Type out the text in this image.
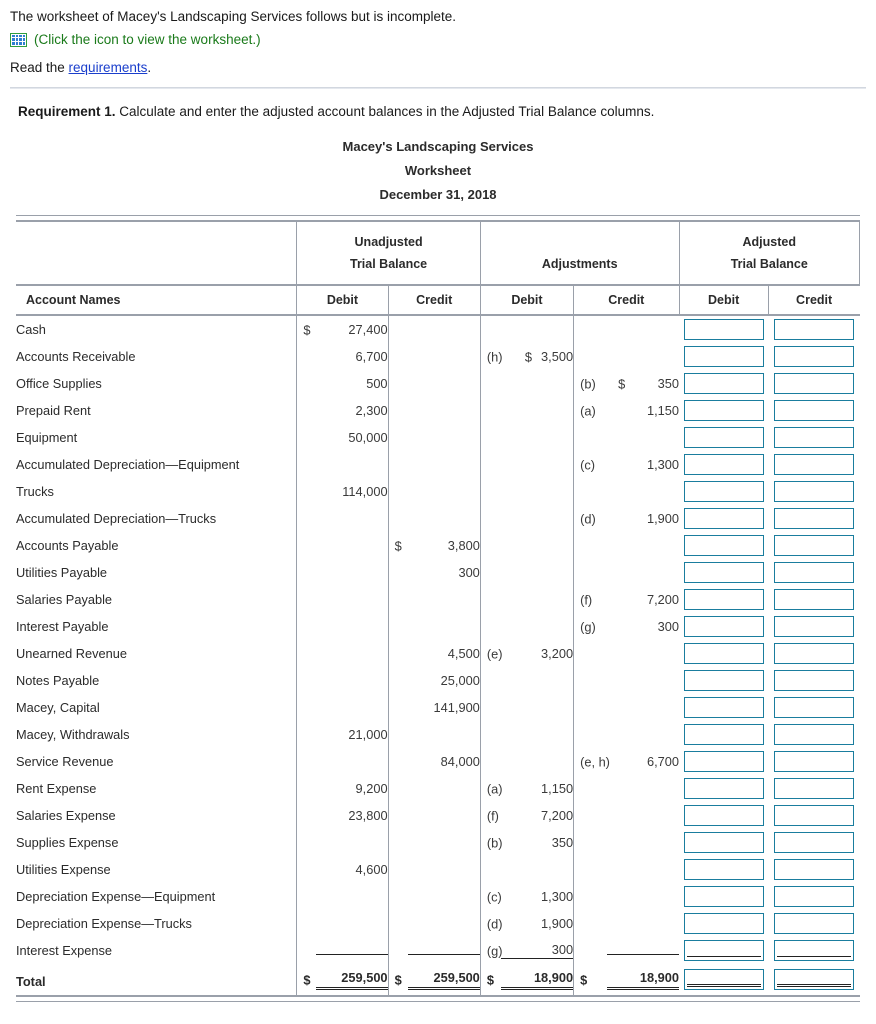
The worksheet of Macey's Landscaping Services follows but is incomplete.
(Click the icon to view the worksheet.)
Read the requirements.
Requirement 1. Calculate and enter the adjusted account balances in the Adjusted Trial Balance columns.
Macey's Landscaping Services
Worksheet
December 31, 2018

Unadjusted
Trial Balance	Adjustments

Adjusted
Trial Balance

Account Names	Debit	Credit	Debit	Credit	Debit	Credit
Cash	$ 27,400				

Accounts Receivable	6,700		(h) $ 3,500		

Office Supplies	500			(b) $ 350	

Prepaid Rent	2,300			(a) 1,150	

Equipment	50,000				

Accumulated Depreciation—Equipment				(c) 1,300	

Trucks	114,000				

Accumulated Depreciation—Trucks				(d) 1,900	

Accounts Payable		$ 3,800			

Utilities Payable		300			

Salaries Payable				(f) 7,200	

Interest Payable				(g) 300	

Unearned Revenue		4,500	(e) 3,200		

Notes Payable		25,000			

Macey, Capital		141,900			

Macey, Withdrawals	21,000				

Service Revenue		84,000		(e, h) 6,700	

Rent Expense	9,200		(a) 1,150		

Salaries Expense	23,800		(f) 7,200		

Supplies Expense			(b) 350		

Utilities Expense	4,600				

Depreciation Expense—Equipment			(c) 1,300		

Depreciation Expense—Trucks			(d) 1,900		

Interest Expense			(g) 300		

Total	$ 259,500	$ 259,500	$ 18,900	$ 18,900	
